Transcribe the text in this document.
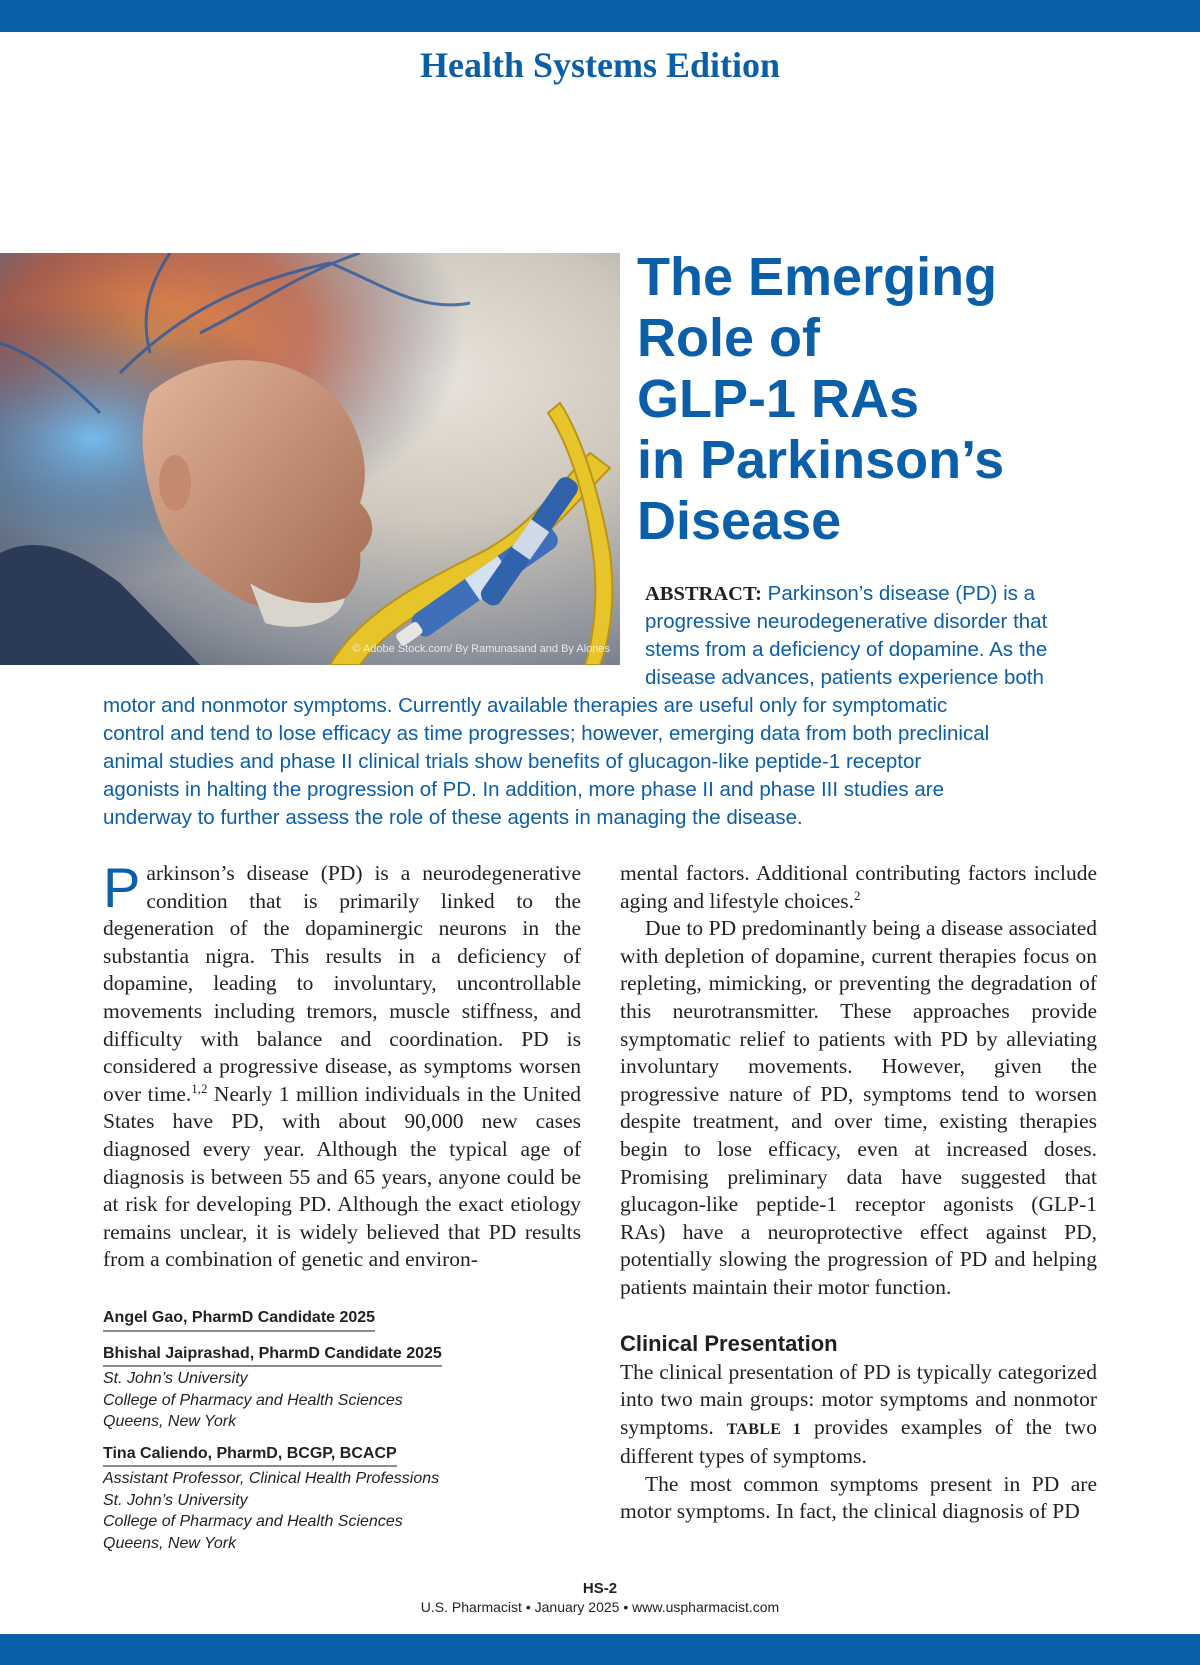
Health Systems Edition
© Adobe Stock.com/ By Ramunasand and By Alones
The Emerging
Role of
GLP-1 RAs
in Parkinson’s
Disease
ABSTRACT: Parkinson’s disease (PD) is a
progressive neurodegenerative disorder that
stems from a deficiency of dopamine. As the
disease advances, patients experience both
motor and nonmotor symptoms. Currently available therapies are useful only for symptomatic
control and tend to lose efficacy as time progresses; however, emerging data from both preclinical
animal studies and phase II clinical trials show benefits of glucagon-like peptide-1 receptor
agonists in halting the progression of PD. In addition, more phase II and phase III studies are
underway to further assess the role of these agents in managing the disease.

Parkinson’s disease (PD) is a neurodegenerative condition that is primarily linked to the degeneration of the dopaminergic neurons in the substantia nigra. This results in a deficiency of dopamine, leading to involuntary, uncontrollable movements including tremors, muscle stiffness, and difficulty with balance and coordination. PD is considered a progressive disease, as symptoms worsen over time.$^{1,2}$ Nearly 1 million individuals in the United States have PD, with about 90,000 new cases diagnosed every year. Although the typical age of diagnosis is between 55 and 65 years, anyone could be at risk for developing PD. Although the exact etiology remains unclear, it is widely believed that PD results from a combination of genetic and environ-

mental factors. Additional contributing factors include aging and lifestyle choices.$^2$

Due to PD predominantly being a disease associated with depletion of dopamine, current therapies focus on repleting, mimicking, or preventing the degradation of this neurotransmitter. These approaches provide symptomatic relief to patients with PD by alleviating involuntary movements. However, given the progressive nature of PD, symptoms tend to worsen despite treatment, and over time, existing therapies begin to lose efficacy, even at increased doses. Promising preliminary data have suggested that glucagon-like peptide-1 receptor agonists (GLP-1 RAs) have a neuroprotective effect against PD, potentially slowing the progression of PD and helping patients maintain their motor function.

Clinical Presentation

The clinical presentation of PD is typically categorized into two main groups: motor symptoms and nonmotor symptoms. TABLE 1 provides examples of the two different types of symptoms.

The most common symptoms present in PD are motor symptoms. In fact, the clinical diagnosis of PD

Angel Gao, PharmD Candidate 2025
Bhishal Jaiprashad, PharmD Candidate 2025
St. John’s University
College of Pharmacy and Health Sciences
Queens, New York
Tina Caliendo, PharmD, BCGP, BCACP
Assistant Professor, Clinical Health Professions
St. John’s University
College of Pharmacy and Health Sciences
Queens, New York
HS-2
U.S. Pharmacist • January 2025 • www.uspharmacist.com
